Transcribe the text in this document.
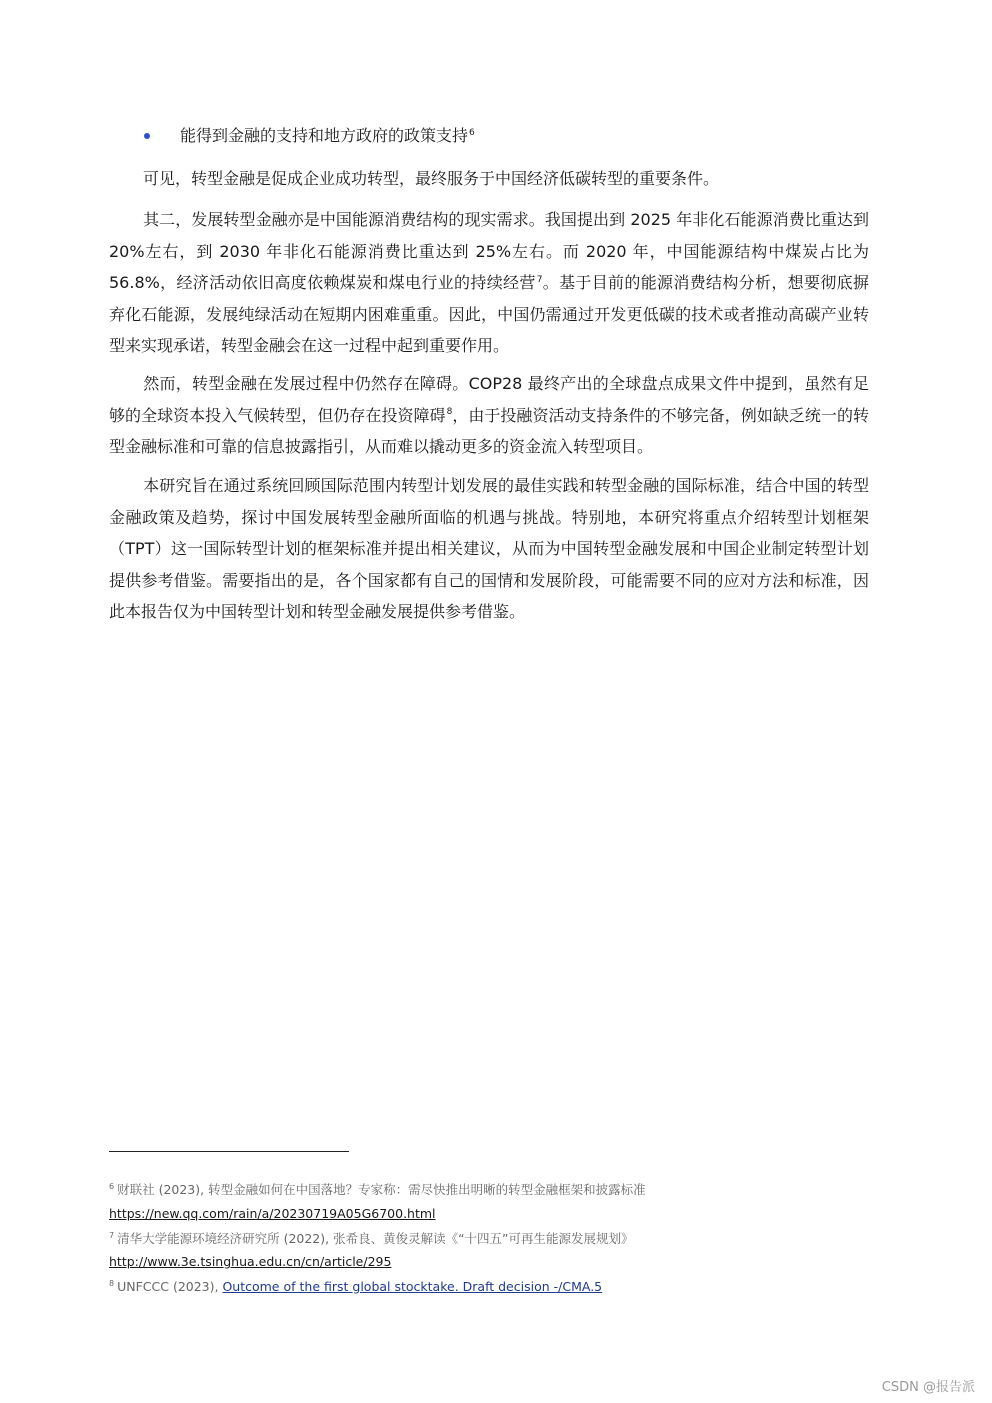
能得到金融的支持和地方政府的政策支持$^6$
可见，转型金融是促成企业成功转型，最终服务于中国经济低碳转型的重要条件。
其二，发展转型金融亦是中国能源消费结构的现实需求。我国提出到 2025 年非化石能源消费比重达到 20%左右，到 2030 年非化石能源消费比重达到 25%左右。而 2020 年，中国能源结构中煤炭占比为 56.8%，经济活动依旧高度依赖煤炭和煤电行业的持续经营$^7$。基于目前的能源消费结构分析，想要彻底摒弃化石能源，发展纯绿活动在短期内困难重重。因此，中国仍需通过开发更低碳的技术或者推动高碳产业转型来实现承诺，转型金融会在这一过程中起到重要作用。
然而，转型金融在发展过程中仍然存在障碍。COP28 最终产出的全球盘点成果文件中提到，虽然有足够的全球资本投入气候转型，但仍存在投资障碍$^8$，由于投融资活动支持条件的不够完备，例如缺乏统一的转型金融标准和可靠的信息披露指引，从而难以撬动更多的资金流入转型项目。
本研究旨在通过系统回顾国际范围内转型计划发展的最佳实践和转型金融的国际标准，结合中国的转型金融政策及趋势，探讨中国发展转型金融所面临的机遇与挑战。特别地，本研究将重点介绍转型计划框架（TPT）这一国际转型计划的框架标准并提出相关建议，从而为中国转型金融发展和中国企业制定转型计划提供参考借鉴。需要指出的是，各个国家都有自己的国情和发展阶段，可能需要不同的应对方法和标准，因此本报告仅为中国转型计划和转型金融发展提供参考借鉴。
$^6$ 财联社 (2023), 转型金融如何在中国落地？专家称：需尽快推出明晰的转型金融框架和披露标准
https://new.qq.com/rain/a/20230719A05G6700.html
$^7$ 清华大学能源环境经济研究所 (2022), 张希良、黄俊灵解读《“十四五”可再生能源发展规划》
http://www.3e.tsinghua.edu.cn/cn/article/295
$^8$ UNFCCC (2023), Outcome of the first global stocktake. Draft decision -/CMA.5
CSDN @报告派
